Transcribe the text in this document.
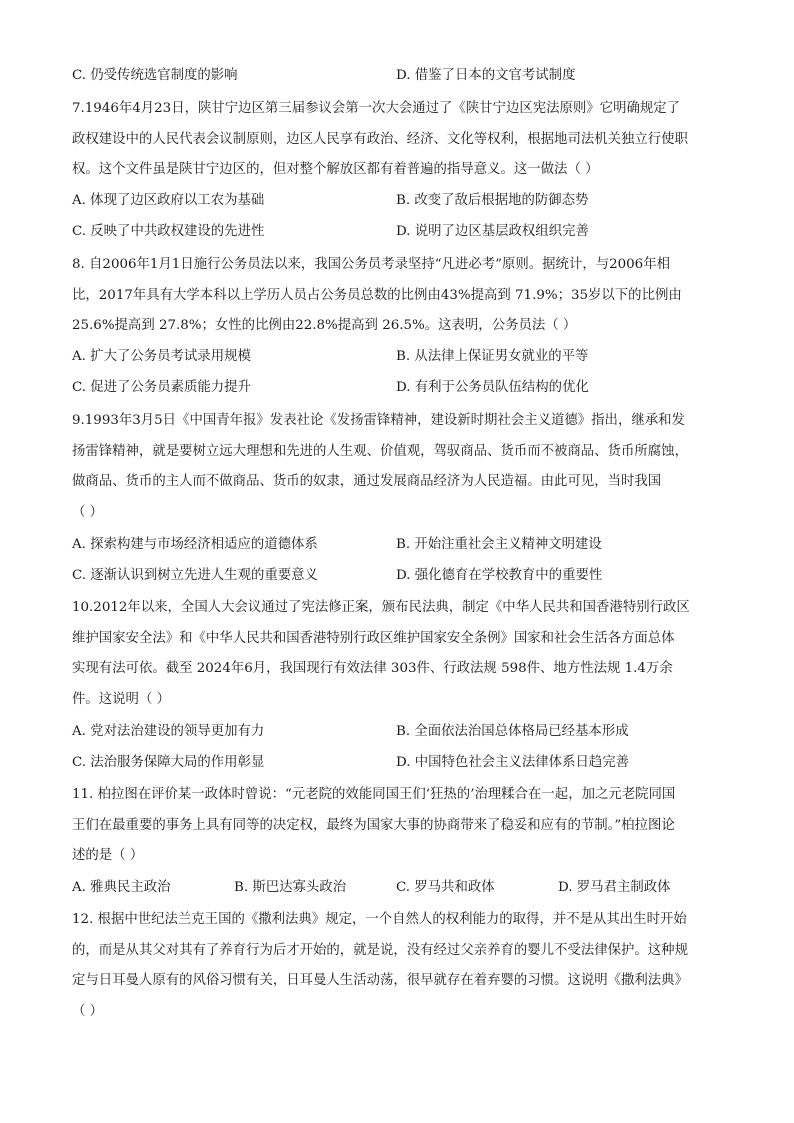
C. 仍受传统选官制度的影响	D. 借鉴了日本的文官考试制度
7.1946年4月23日，陕甘宁边区第三届参议会第一次大会通过了《陕甘宁边区宪法原则》它明确规定了
政权建设中的人民代表会议制原则，边区人民享有政治、经济、文化等权利，根据地司法机关独立行使职
权。这个文件虽是陕甘宁边区的，但对整个解放区都有着普遍的指导意义。这一做法（ ）
A. 体现了边区政府以工农为基础	B. 改变了敌后根据地的防御态势
C. 反映了中共政权建设的先进性	D. 说明了边区基层政权组织完善
8. 自2006年1月1日施行公务员法以来，我国公务员考录坚持“凡进必考”原则。据统计，与2006年相
比，2017年具有大学本科以上学历人员占公务员总数的比例由43%提高到 71.9%；35岁以下的比例由
25.6%提高到 27.8%；女性的比例由22.8%提高到 26.5%。这表明，公务员法（ ）
A. 扩大了公务员考试录用规模	B. 从法律上保证男女就业的平等
C. 促进了公务员素质能力提升	D. 有利于公务员队伍结构的优化
9.1993年3月5日《中国青年报》发表社论《发扬雷锋精神，建设新时期社会主义道德》指出，继承和发
扬雷锋精神，就是要树立远大理想和先进的人生观、价值观，驾驭商品、货币而不被商品、货币所腐蚀，
做商品、货币的主人而不做商品、货币的奴隶，通过发展商品经济为人民造福。由此可见，当时我国
（ ）
A. 探索构建与市场经济相适应的道德体系	B. 开始注重社会主义精神文明建设
C. 逐渐认识到树立先进人生观的重要意义	D. 强化德育在学校教育中的重要性
10.2012年以来，全国人大会议通过了宪法修正案，颁布民法典，制定《中华人民共和国香港特别行政区
维护国家安全法》和《中华人民共和国香港特别行政区维护国家安全条例》国家和社会生活各方面总体
实现有法可依。截至 2024年6月，我国现行有效法律 303件、行政法规 598件、地方性法规 1.4万余
件。这说明（ ）
A. 党对法治建设的领导更加有力	B. 全面依法治国总体格局已经基本形成
C. 法治服务保障大局的作用彰显	D. 中国特色社会主义法律体系日趋完善
11. 柏拉图在评价某一政体时曾说：“元老院的效能同国王们‘狂热的’治理糅合在一起，加之元老院同国
王们在最重要的事务上具有同等的决定权，最终为国家大事的协商带来了稳妥和应有的节制。”柏拉图论
述的是（ ）
A. 雅典民主政治	B. 斯巴达寡头政治	C. 罗马共和政体	D. 罗马君主制政体
12. 根据中世纪法兰克王国的《撒利法典》规定，一个自然人的权利能力的取得，并不是从其出生时开始
的，而是从其父对其有了养育行为后才开始的，就是说，没有经过父亲养育的婴儿不受法律保护。这种规
定与日耳曼人原有的风俗习惯有关，日耳曼人生活动荡，很早就存在着弃婴的习惯。这说明《撒利法典》
（ ）
